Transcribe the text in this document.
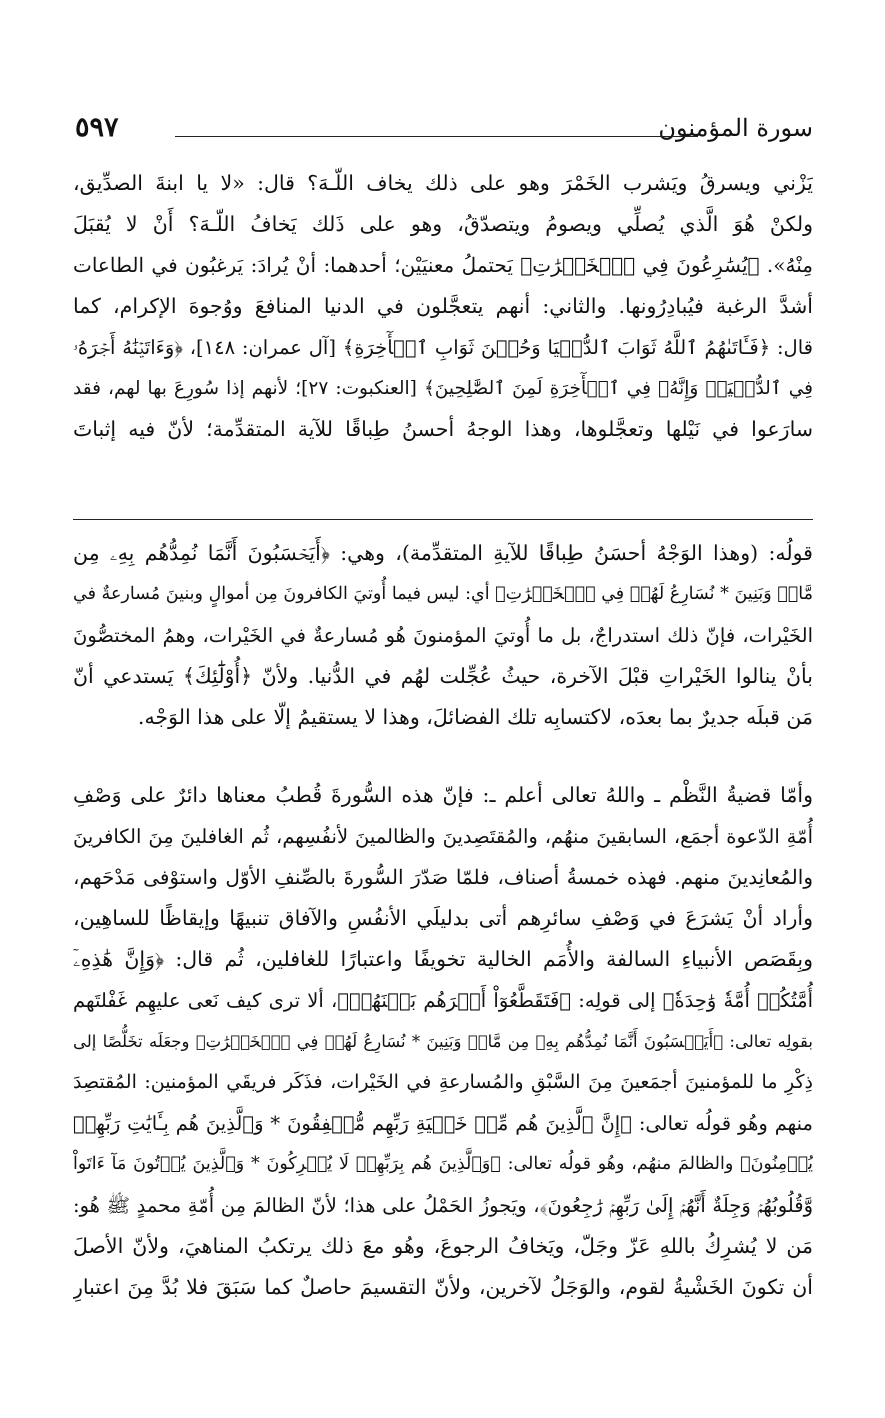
سورة المؤمنون
٥٩٧
يَزْني ويسرقُ ويَشرب الخَمْرَ وهو على ذلك يخاف اللّـهَ؟ قال: «لا يا ابنةَ الصدِّيق،
ولكنْ هُوَ الَّذي يُصلِّي ويصومُ ويتصدّقُ، وهو على ذَلك يَخافُ اللّـهَ؟ أَنْ لا يُقبَلَ
مِنْهُ». ﴿يُسَٰرِعُونَ فِي ٱلۡخَيۡرَٰتِ﴾ يَحتملُ معنيَيْن؛ أحدهما: أنْ يُرادَ: يَرغبُون في الطاعات
أشدَّ الرغبة فيُبادِرُونها. والثاني: أنهم يتعجَّلون في الدنيا المنافعَ ووُجوهَ الإكرام، كما
قال: ﴿فَـَٔاتَىٰهُمُ ٱللَّهُ ثَوَابَ ٱلدُّنۡيَا وَحُسۡنَ ثَوَابِ ٱلۡأٓخِرَةِ﴾ [آل عمران: ١٤٨]، ﴿وَءَاتَيۡنَٰهُ أَجۡرَهُۥ
فِي ٱلدُّنۡيَاۖ وَإِنَّهُۥ فِي ٱلۡأٓخِرَةِ لَمِنَ ٱلصَّٰلِحِينَ﴾ [العنكبوت: ٢٧]؛ لأنهم إذا سُورِعَ بها لهم، فقد
سارَعوا في نَيْلها وتعجَّلوها، وهذا الوجهُ أحسنُ طِباقًا للآية المتقدِّمة؛ لأنّ فيه إثباتَ
قولُه: (وهذا الوَجْهُ أحسَنُ طِباقًا للآيةِ المتقدِّمة)، وهي: ﴿أَيَحۡسَبُونَ أَنَّمَا نُمِدُّهُم بِهِۦ مِن
مَّالٖ وَبَنِينَ * نُسَارِعُ لَهُمۡ فِي ٱلۡخَيۡرَٰتِ﴾ أي: ليس فيما أُوتيَ الكافرونَ مِن أموالٍ وبنينَ مُسارعةٌ في
الخَيْرات، فإنّ ذلك استدراجٌ، بل ما أُوتيَ المؤمنونَ هُو مُسارعةٌ في الخَيْرات، وهمُ المختصُّونَ
بأنْ ينالوا الخَيْراتِ قبْلَ الآخرة، حيثُ عُجِّلت لهُم في الدُّنيا. ولأنّ ﴿أُوْلَٰٓئِكَ﴾ يَستدعي أنّ
مَن قبلَه جديرٌ بما بعدَه، لاكتسابِه تلك الفضائلَ، وهذا لا يستقيمُ إلّا على هذا الوَجْه.
وأمّا قضيةُ النَّظْم ـ واللهُ تعالى أعلم ـ: فإنّ هذه السُّورةَ قُطبُ معناها دائرٌ على وَصْفِ
أُمّةِ الدّعوة أجمَع، السابقينَ منهُم، والمُقتَصِدينَ والظالمينَ لأنفُسِهم، ثُم الغافلينَ مِنَ الكافرينَ
والمُعانِدينَ منهم. فهذه خمسةُ أصناف، فلمّا صَدّرَ السُّورةَ بالصِّنفِ الأوّل واستوْفى مَدْحَهم،
وأراد أنْ يَشرَعَ في وَصْفِ سائرِهم أتى بدليلَي الأنفُسِ والآفاق تنبيهًا وإيقاظًا للساهِين،
وبِقَصَص الأنبياءِ السالفة والأُمَم الخالية تخويفًا واعتبارًا للغافلين، ثُم قال: ﴿وَإِنَّ هَٰذِهِۦٓ
أُمَّتُكُمۡ أُمَّةٗ وَٰحِدَةٗ﴾ إلى قولِه: ﴿فَتَقَطَّعُوٓاْ أَمۡرَهُم بَيۡنَهُمۡ﴾، ألا ترى كيف نَعى عليهِم غَفْلتَهم
بقولِه تعالى: ﴿أَيَحۡسَبُونَ أَنَّمَا نُمِدُّهُم بِهِۦ مِن مَّالٖ وَبَنِينَ * نُسَارِعُ لَهُمۡ فِي ٱلۡخَيۡرَٰتِ﴾ وجعَلَه تخَلُّصًا إلى
ذِكْرِ ما للمؤمنينَ أجمَعينَ مِنَ السَّبْقِ والمُسارعةِ في الخَيْرات، فذَكَر فريقَي المؤمنين: المُقتصِدَ
منهم وهُو قولُه تعالى: ﴿إِنَّ ٱلَّذِينَ هُم مِّنۡ خَشۡيَةِ رَبِّهِم مُّشۡفِقُونَ * وَٱلَّذِينَ هُم بِـَٔايَٰتِ رَبِّهِمۡ
يُؤۡمِنُونَ﴾ والظالمَ منهُم، وهُو قولُه تعالى: ﴿وَٱلَّذِينَ هُم بِرَبِّهِمۡ لَا يُشۡرِكُونَ * وَٱلَّذِينَ يُؤۡتُونَ مَآ ءَاتَواْ
وَّقُلُوبُهُمۡ وَجِلَةٌ أَنَّهُمۡ إِلَىٰ رَبِّهِمۡ رَٰجِعُونَ﴾، ويَجوزُ الحَمْلُ على هذا؛ لأنّ الظالمَ مِن أُمّةِ محمدٍ ﷺ هُو:
مَن لا يُشرِكُ باللهِ عَزّ وجَلّ، ويَخافُ الرجوعَ، وهُو معَ ذلك يرتكبُ المناهيَ، ولأنّ الأصلَ
أن تكونَ الخَشْيةُ لقوم، والوَجَلُ لآخرين، ولأنّ التقسيمَ حاصلٌ كما سَبَقَ فلا بُدَّ مِنَ اعتبارِ
